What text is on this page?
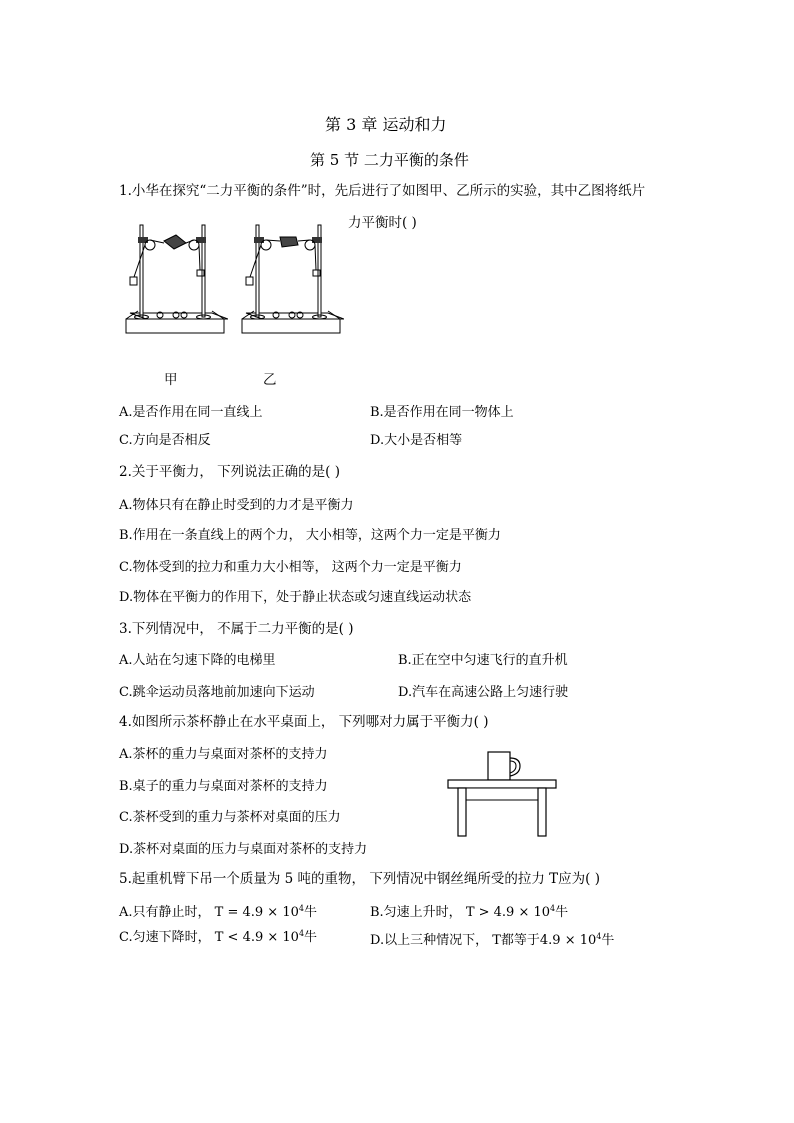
第 3 章 运动和力
第 5 节 二力平衡的条件
1.小华在探究“二力平衡的条件”时，先后进行了如图甲、乙所示的实验，其中乙图将纸片
力平衡时( )
甲	乙
A.是否作用在同一直线上	B.是否作用在同一物体上
C.方向是否相反	D.大小是否相等
2.关于平衡力， 下列说法正确的是( )
A.物体只有在静止时受到的力才是平衡力
B.作用在一条直线上的两个力， 大小相等，这两个力一定是平衡力
C.物体受到的拉力和重力大小相等， 这两个力一定是平衡力
D.物体在平衡力的作用下，处于静止状态或匀速直线运动状态
3.下列情况中， 不属于二力平衡的是( )
A.人站在匀速下降的电梯里	B.正在空中匀速飞行的直升机
C.跳伞运动员落地前加速向下运动	D.汽车在高速公路上匀速行驶
4.如图所示茶杯静止在水平桌面上， 下列哪对力属于平衡力( )
A.茶杯的重力与桌面对茶杯的支持力
B.桌子的重力与桌面对茶杯的支持力
C.茶杯受到的重力与茶杯对桌面的压力
D.茶杯对桌面的压力与桌面对茶杯的支持力
5.起重机臂下吊一个质量为 5 吨的重物， 下列情况中钢丝绳所受的拉力 T应为( )
A.只有静止时， $T = 4.9 \times 10^4$牛	B.匀速上升时， $T > 4.9 \times 10^4$牛
C.匀速下降时， $T < 4.9 \times 10^4$牛	D.以上三种情况下， T都等于$4.9 \times 10^4$牛
